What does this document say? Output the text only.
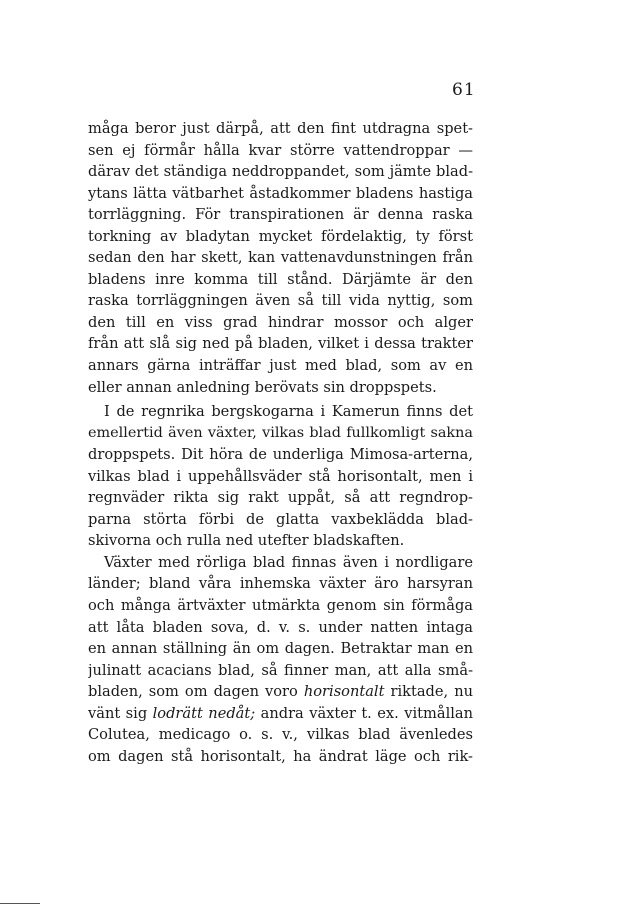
61
måga beror just därpå, att den fint utdragna spet-
sen ej förmår hålla kvar större vattendroppar —
därav det ständiga neddroppandet, som jämte blad-
ytans lätta vätbarhet åstadkommer bladens hastiga
torrläggning. För transpirationen är denna raska
torkning av bladytan mycket fördelaktig, ty först
sedan den har skett, kan vattenavdunstningen från
bladens inre komma till stånd. Därjämte är den
raska torrläggningen även så till vida nyttig, som
den till en viss grad hindrar mossor och alger
från att slå sig ned på bladen, vilket i dessa trakter
annars gärna inträffar just med blad, som av en
eller annan anledning berövats sin droppspets.
I de regnrika bergskogarna i Kamerun finns det
emellertid även växter, vilkas blad fullkomligt sakna
droppspets. Dit höra de underliga Mimosa-arterna,
vilkas blad i uppehållsväder stå horisontalt, men i
regnväder rikta sig rakt uppåt, så att regndrop-
parna störta förbi de glatta vaxbeklädda blad-
skivorna och rulla ned utefter bladskaften.
Växter med rörliga blad finnas även i nordligare
länder; bland våra inhemska växter äro harsyran
och många ärtväxter utmärkta genom sin förmåga
att låta bladen sova, d. v. s. under natten intaga
en annan ställning än om dagen. Betraktar man en
julinatt acacians blad, så finner man, att alla små-
bladen, som om dagen voro horisontalt riktade, nu
vänt sig lodrätt nedåt; andra växter t. ex. vitmållan
Colutea, medicago o. s. v., vilkas blad ävenledes
om dagen stå horisontalt, ha ändrat läge och rik-
